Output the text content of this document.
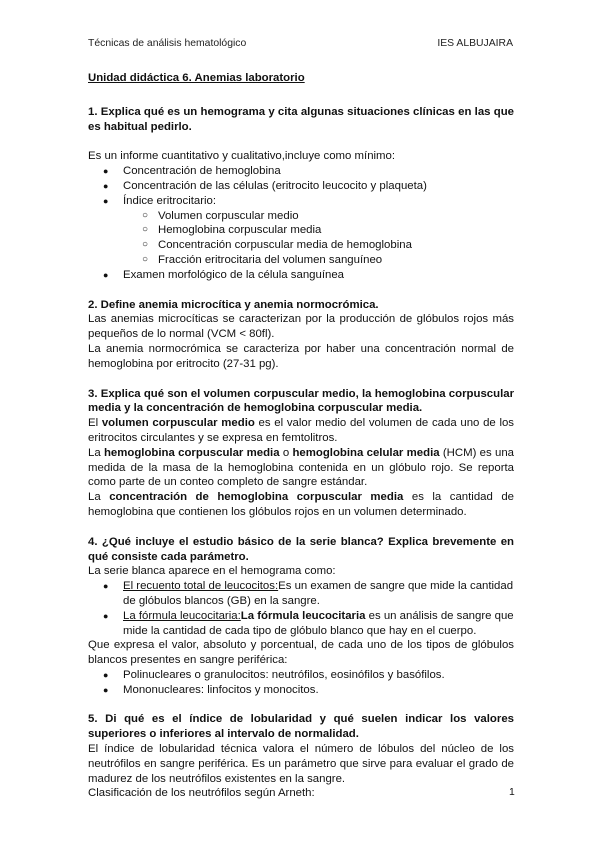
Técnicas de análisis hematológico	IES ALBUJAIRA
Unidad didáctica 6. Anemias laboratorio

1. Explica qué es un hemograma y cita algunas situaciones clínicas en las que es habitual pedirlo.

Es un informe cuantitativo y cualitativo,incluye como mínimo:

● Concentración de hemoglobina
● Concentración de las células (eritrocito leucocito y plaqueta)
● Índice eritrocitario:
○ Volumen corpuscular medio
○ Hemoglobina corpuscular media
○ Concentración corpuscular media de hemoglobina
○ Fracción eritrocitaria del volumen sanguíneo
● Examen morfológico de la célula sanguínea

2. Define anemia microcítica y anemia normocrómica.

Las anemias microcíticas se caracterizan por la producción de glóbulos rojos más pequeños de lo normal (VCM < 80fl).

La anemia normocrómica se caracteriza por haber una concentración normal de hemoglobina por eritrocito (27-31 pg).

3. Explica qué son el volumen corpuscular medio, la hemoglobina corpuscular media y la concentración de hemoglobina corpuscular media.

El volumen corpuscular medio es el valor medio del volumen de cada uno de los eritrocitos circulantes y se expresa en femtolitros.

La hemoglobina corpuscular media o hemoglobina celular media (HCM) es una medida de la masa de la hemoglobina contenida en un glóbulo rojo. Se reporta como parte de un conteo completo de sangre estándar.

La concentración de hemoglobina corpuscular media es la cantidad de hemoglobina que contienen los glóbulos rojos en un volumen determinado.

4. ¿Qué incluye el estudio básico de la serie blanca? Explica brevemente en qué consiste cada parámetro.

La serie blanca aparece en el hemograma como:

● El recuento total de leucocitos:Es un examen de sangre que mide la cantidad de glóbulos blancos (GB) en la sangre.
● La fórmula leucocitaria:La fórmula leucocitaria es un análisis de sangre que mide la cantidad de cada tipo de glóbulo blanco que hay en el cuerpo.

Que expresa el valor, absoluto y porcentual, de cada uno de los tipos de glóbulos blancos presentes en sangre periférica:

● Polinucleares o granulocitos: neutrófilos, eosinófilos y basófilos.
● Mononucleares: linfocitos y monocitos.

5. Di qué es el índice de lobularidad y qué suelen indicar los valores superiores o inferiores al intervalo de normalidad.

El índice de lobularidad técnica valora el número de lóbulos del núcleo de los neutrófilos en sangre periférica. Es un parámetro que sirve para evaluar el grado de madurez de los neutrófilos existentes en la sangre.

Clasificación de los neutrófilos según Arneth:	1
